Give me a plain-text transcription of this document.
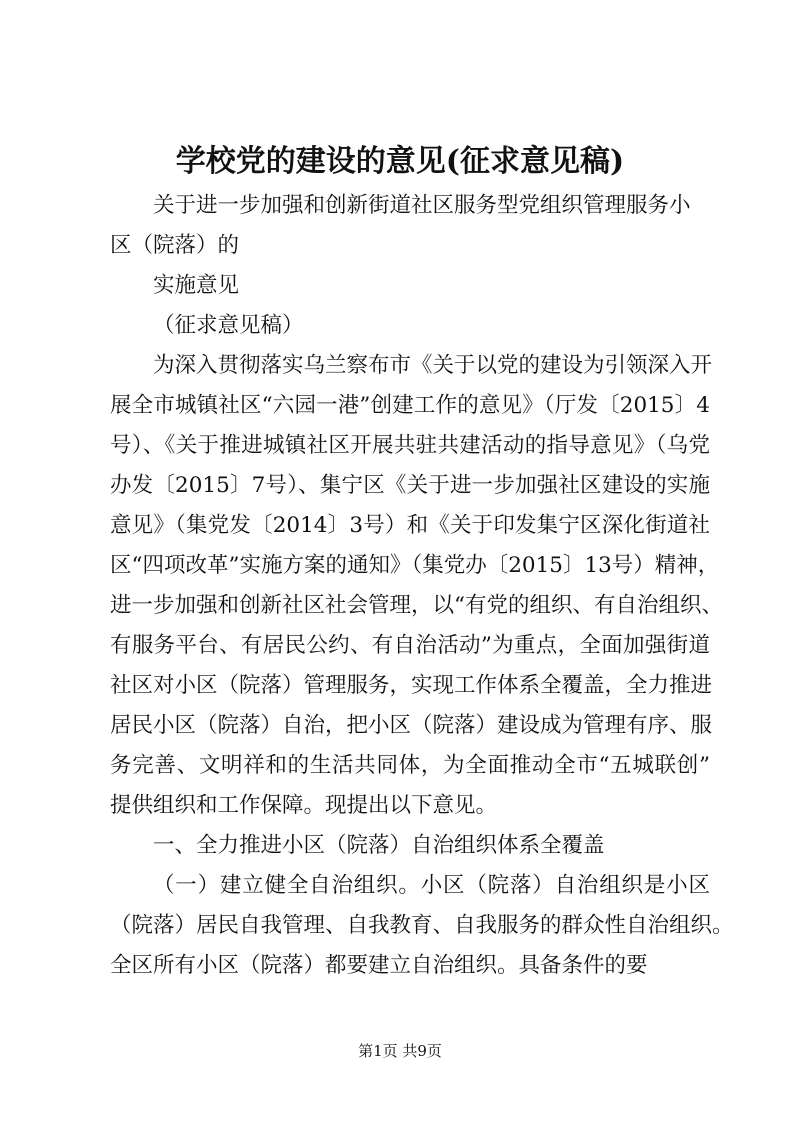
学校党的建设的意见(征求意见稿)
关于进一步加强和创新街道社区服务型党组织管理服务小
区（院落）的
实施意见
（征求意见稿）
为深入贯彻落实乌兰察布市《关于以党的建设为引领深入开
展全市城镇社区“六园一港”创建工作的意见》（厅发〔2015〕4
号）、《关于推进城镇社区开展共驻共建活动的指导意见》（乌党
办发〔2015〕7号）、集宁区《关于进一步加强社区建设的实施
意见》（集党发〔2014〕3号）和《关于印发集宁区深化街道社
区“四项改革”实施方案的通知》（集党办〔2015〕13号）精神，
进一步加强和创新社区社会管理，以“有党的组织、有自治组织、
有服务平台、有居民公约、有自治活动”为重点，全面加强街道
社区对小区（院落）管理服务，实现工作体系全覆盖，全力推进
居民小区（院落）自治，把小区（院落）建设成为管理有序、服
务完善、文明祥和的生活共同体，为全面推动全市“五城联创”
提供组织和工作保障。现提出以下意见。
一、全力推进小区（院落）自治组织体系全覆盖
（一）建立健全自治组织。小区（院落）自治组织是小区
（院落）居民自我管理、自我教育、自我服务的群众性自治组织。
全区所有小区（院落）都要建立自治组织。具备条件的要
第1页 共9页
